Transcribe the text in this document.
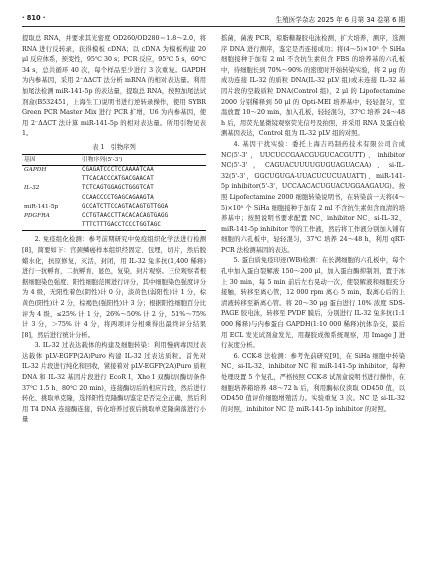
· 810 ·	生殖医学杂志 2025 年 6 月第 34 卷第 6 期

提取总 RNA，并要求其光密度 OD260/OD280＝1.8～2.0，将 RNA 进行反转录，获得模板 cDNA；以 cDNA 为模板构建 20 μl 反应体系，预变性，95℃ 30 s；PCR 反应，95℃ 5 s，60℃ 34 s，总共循环 40 次，每个样品至少进行 3 次重复。GAPDH 为内参基因，采用 2⁻ΔΔCT 法分析 mRNA 的相对表达量。利用加尾法检测 miR-141-5p 的表达量，提取总 RNA，按照加尾法试剂盒(B532451，上海生工)说明书进行逆转录操作，使用 SYBR Green PCR Master Mix 进行 PCR 扩增，U6 为内参基因，使用 2⁻ΔΔCT 法计算 miR-141-5p 的相对表达量。所用引物见表 1。

表 1 引物序列
基因	引物序列(5'-3')
GAPDH	CGAGATCCCTCCAAAATCAA
	TTCACACCCATGACGAACAT
IL-32	TCTCAGTGGAGCTGGGTCAT
	CCAACCCCTGAGCAGAAGTA
miR-141-5p	GCCATCTTCCAGTACAGTGTTGGA
PDGFRA	CCTGTAACCTTACACACAGTGAGG
	TTTCTTTGACCTCCCTGGTAGC

2. 免疫组化检测：参考前期研究中免疫组织化学法进行检测[8]，简要如下：宫颈鳞癌样本组织经固定、包埋，切片，然后脱蜡水化，抗原修复，灭活，封闭，用 IL-32 兔多抗(1,400 稀释)进行一抗孵育，二抗孵育，显色，复染，封片观察。三位观察者根据细胞染色强度、阳性细胞范围进行评分，其中细胞染色强度评分为 4 级，无阳性着色(阴性)计 0 分，淡黄色(弱阳性)计 1 分，棕黄色(阳性)计 2 分，棕褐色(强阳性)计 3 分；根据阳性细胞百分比评为 4 级，≤25% 计 1 分，26%～50% 计 2 分，51%～75% 计 3 分，＞75% 计 4 分，将两项评分相乘得出最终评分结果[8]，然后进行统计分析。

3. IL-32 过表达载体的构建及细胞转染：利用慢病毒因过表达载体 pLV-EGFP(2A)Puro 构建 IL-32 过表达质粒。首先对 IL-32 片段进行纯化和回收，紧接着对 pLV-EGFP(2A)Puro 质粒 DNA 和 IL-32 基因片段进行 EcoR Ⅰ，Xho Ⅰ 双酶切(酶切条件 37℃ 1.5 h、80℃ 20 min)，连接酶切后的相应片段，然后进行转化、挑取单克隆，选择阳性克隆酶切鉴定是否完全正确，然后利用 T4 DNA 连接酶连接，转化培养过夜后挑取单克隆菌落进行小量

摇菌，菌液 PCR，琼脂糖凝胶电泳检测，扩大培养，测序，选测序 DNA 进行测序，鉴定是否连接成功；将(4～5)×10⁵ 个 SiHa 细胞接种于加有 2 ml 不含抗生素但含 FBS 的培养基的六孔板中，待细胞长到 70%～90% 的密度时开始转染实验，将 2 μg 的成功连接 IL-32 的质粒 DNA(IL-32 pLV 组)或未连接 IL-32 基因片段的空载质粒 DNA(Control 组)，2 μl 的 Lipofectamine 2000 分别稀释到 50 μl 的 Opti-MEI 培养基中，轻轻混匀，室温放置 10～20 min，加入孔板，轻轻混匀，37℃ 培养 24～48 h 后，用荧光显微镜观察荧光信号及拍照，并采用 RNA 及蛋白检测基因表达，Control 组为 IL-32 pLV 组的对照。

4. 基因干扰实验：委托上海吉玛制药技术有限公司合成 NC(5'-3'，UUCUCCGAACGUGUCACGUTT)、inhibitor NC(5'-3'，CAGUACUUUUGUGUAGUACAA)、si-IL-32(5'-3'，GGCUGUGA-UUACUCUCUAUATT)、miR-141-5p inhibitor(5'-3'，UCCAACACUGUACUGGAAGAUG)。按照 Lipofectamine 2000 细胞转染说明书，在转染前一天将(4～5)×10⁵ 个 SiHa 细胞接种于加有 2 ml 不含抗生素但含血清的培养基中；按照说明书要求配置 NC、inhibitor NC、si-IL-32、miR-141-5p inhibitor 等的工作液，然后将工作液分别加入铺有细胞的六孔板中，轻轻混匀，37℃ 培养 24～48 h，利用 qRT-PCR 法检测基因的表达。

5. 蛋白质免疫印迹(WB)检测：在长满细胞的六孔板中，每个孔中加入蛋白裂解液 150～200 μl，加入蛋白酶抑制剂，置于冰上 30 min，每 5 min 前后左右晃动一次，使裂解液和细胞充分接触，转移至离心管，12 000 rpm 离心 5 min，取离心后的上清液转移至新离心管。将 20～30 μg 蛋白进行 10% 浓度 SDS-PAGE 胶电泳，转移至 PVDF 膜后，分别进行 IL-32 兔多抗(1:1 000 稀释)与内参蛋白 GAPDH(1:10 000 稀释)抗体杂交，最后用 ECL 发光试剂盒发光，用凝胶成像系统观察，用 Image J 进行灰度分析。

6. CCK-8 法检测：参考先前研究[9]，在 SiHa 细胞中转染 NC、si-IL-32、inhibitor NC 和 miR-141-5p inhibitor，每种处理设置 5 个复孔，严格按照 CCK-8 试剂盒说明书进行操作，在细胞培养箱培养 48～72 h 后，利用酶标仪读取 OD450 值，以 OD450 值评价细胞增殖活力。实验重复 3 次。NC 是 si-IL-32 的对照，inhibitor NC 是 miR-141-5p inhibitor 的对照。
